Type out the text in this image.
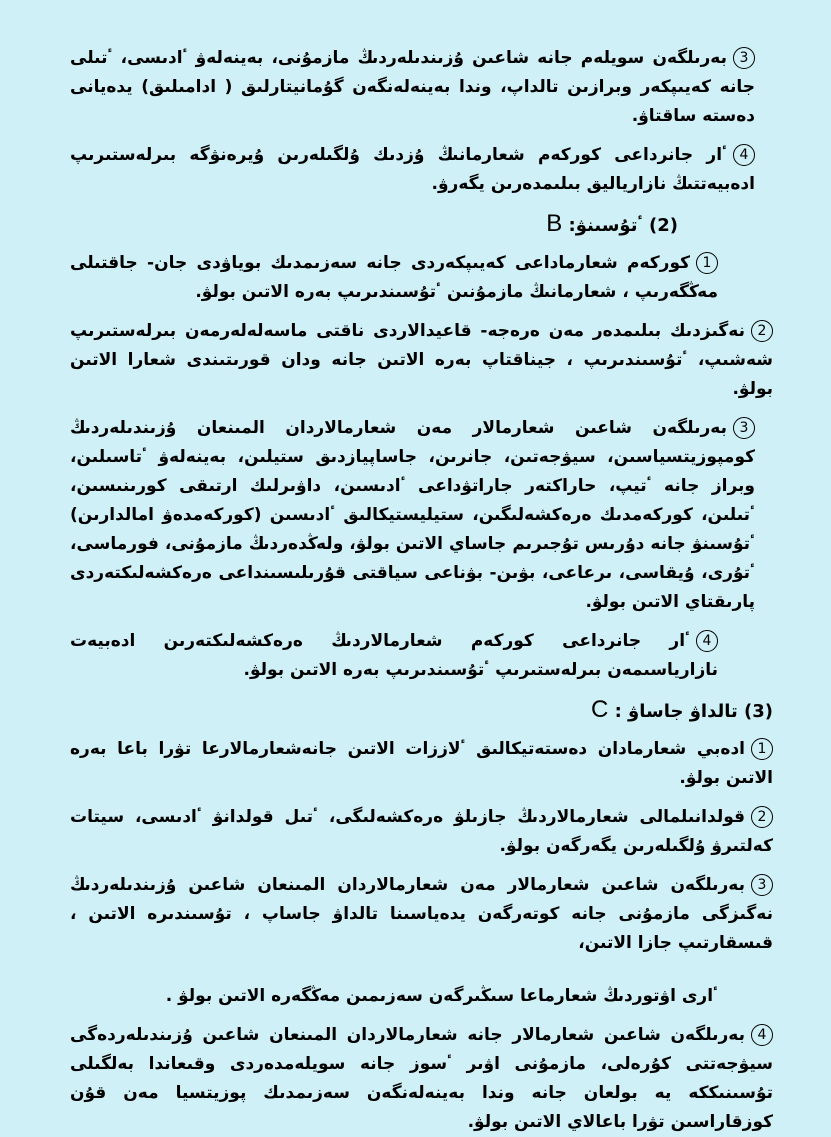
3بەرىلگەن سويلەم جانە شاعىن ۇزىندىلەردىڭ مازمۇنى، بەينەلەۋ ٴادىسى، ٴتىلى جانە كەيىپكەر وبرازىن تالداپ، وندا بەينەلەنگەن گۇمانيتارلىق ( ادامىلىق) يدەيانى دەستە ساقتاۋ.

4ٴار جانرداعى كوركەم شعارمانىڭ ۇزدىك ۇلگىلەرىن ۇيرەنۋگە بىرلەستىرىپ ادەبيەتتىڭ نازارياليق بىلىمدەرىن يگەرۋ.

(2) ٴتۇسىنۋ: B

1كوركەم شعارماداعى كەيىپكەردى جانە سەزىمدىك بوياۋدى جان- جاقتىلى مەڭگەرىپ ، شعارمانىڭ مازمۇنىن ٴتۇسىندىرىپ بەرە الاتىن بولۋ.

2نەگىزدىك بىلىمدەر مەن ەرەجە- قاعيدالاردى ناقتى ماسەلەلەرمەن بىرلەستىرىپ شەشىپ، ٴتۇسىندىرىپ ، جيناقتاپ بەرە الاتىن جانە ودان قورىتىندى شعارا الاتىن بولۋ.

3بەرىلگەن شاعىن شعارمالار مەن شعارمالاردان المىنعان ۇزىندىلەردىڭ كومپوزيتسياسىن، سيۋجەتىن، جانرىن، جاساپيازدىق ستيلىن، بەينەلەۋ ٴتاسىلىن، وبراز جانە ٴتيپ، حاراكتەر جاراتۋداعى ٴادىسىن، داۋىرلىك ارتىقى كورىنىسىن، ٴتىلىن، كوركەمدىك ەرەكشەلىگىن، ستيليستيكالىق ٴادىسىن (كوركەمدەۋ امالدارىن) ٴتۇسىنۋ جانە دۇرىس تۇجىرىم جاساي الاتىن بولۋ، ولەڭدەردىڭ مازمۇنى، فورماسى، ٴتۇرى، ۇيقاسى، ىرعاعى، بۋىن- بۋناعى سياقتى قۇرىلىسىنداعى ەرەكشەلىكتەردى پارىقتاي الاتىن بولۋ.

4ٴار جانرداعى كوركەم شعارمالاردىڭ ەرەكشەلىكتەرىن ادەبيەت نازارياسىمەن بىرلەستىرىپ ٴتۇسىندىرىپ بەرە الاتىن بولۋ.

(3) تالداۋ جاساۋ : C

1ادەبي شعارمادان دەستەتيكالىق ٴلاززات الاتىن جانەشعارمالارعا تۋرا باعا بەرە الاتىن بولۋ.

2قولدانىلمالى شعارمالاردىڭ جازىلۋ ەرەكشەلىگى، ٴتىل قولدانۋ ٴادىسى، سيتات كەلتىرۋ ۇلگىلەرىن يگەرگەن بولۋ.

3بەرىلگەن شاعىن شعارمالار مەن شعارمالاردان المىنعان شاعىن ۇزىندىلەردىڭ نەگىزگى مازمۇنى جانە كوتەرگەن يدەياسىنا تالداۋ جاساپ ، تۇسىندىرە الاتىن ، قىسقارتىپ جازا الاتىن،

ٴارى اۋتوردىڭ شعارماعا سىڭىرگەن سەزىمىن مەڭگەرە الاتىن بولۋ .

4بەرىلگەن شاعىن شعارمالار جانە شعارمالاردان المىنعان شاعىن ۇزىندىلەردەگى سيۋجەتتى كۇرەلى، مازمۇنى اۋىر ٴسوز جانە سويلەمدەردى وقىعاندا بەلگىلى تۇسىنىككە يە بولعان جانە وندا بەينەلەنگەن سەزىمدىك پوزيتسيا مەن قۇن كوزقاراسىن تۋرا باعالاي الاتىن بولۋ.
